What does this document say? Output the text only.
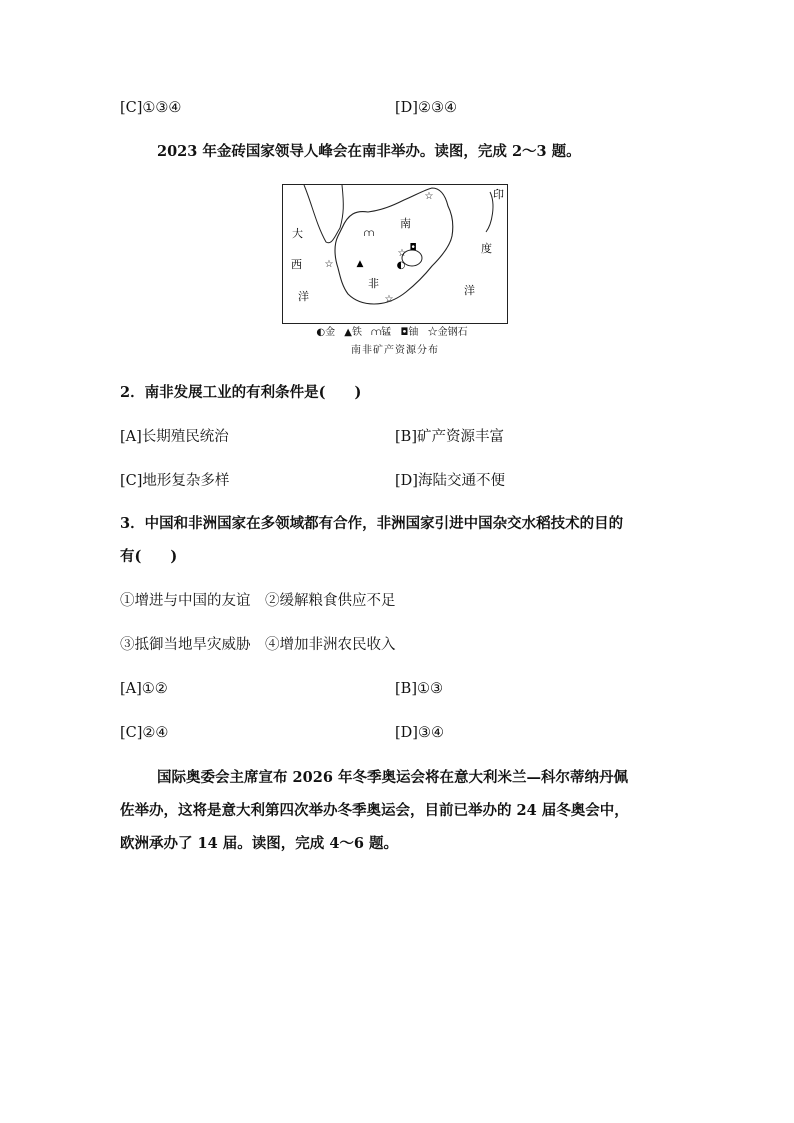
[C]①③④	[D]②③④
2023 年金砖国家领导人峰会在南非举办。读图，完成 2～3 题。
☆
⩋
◘
☆
◐
▲
☆
☆
大
西
洋
印
度
洋
南
非
◐金 ▲铁 ⩋锰 ◘铀 ☆金钢石
南非矿产资源分布
2．南非发展工业的有利条件是(　　)
[A]长期殖民统治	[B]矿产资源丰富
[C]地形复杂多样	[D]海陆交通不便
3．中国和非洲国家在多领域都有合作，非洲国家引进中国杂交水稻技术的目的
有(　　)
①增进与中国的友谊　②缓解粮食供应不足
③抵御当地旱灾威胁　④增加非洲农民收入
[A]①②	[B]①③
[C]②④	[D]③④
国际奥委会主席宣布 2026 年冬季奥运会将在意大利米兰—科尔蒂纳丹佩
佐举办，这将是意大利第四次举办冬季奥运会，目前已举办的 24 届冬奥会中，
欧洲承办了 14 届。读图，完成 4～6 题。
